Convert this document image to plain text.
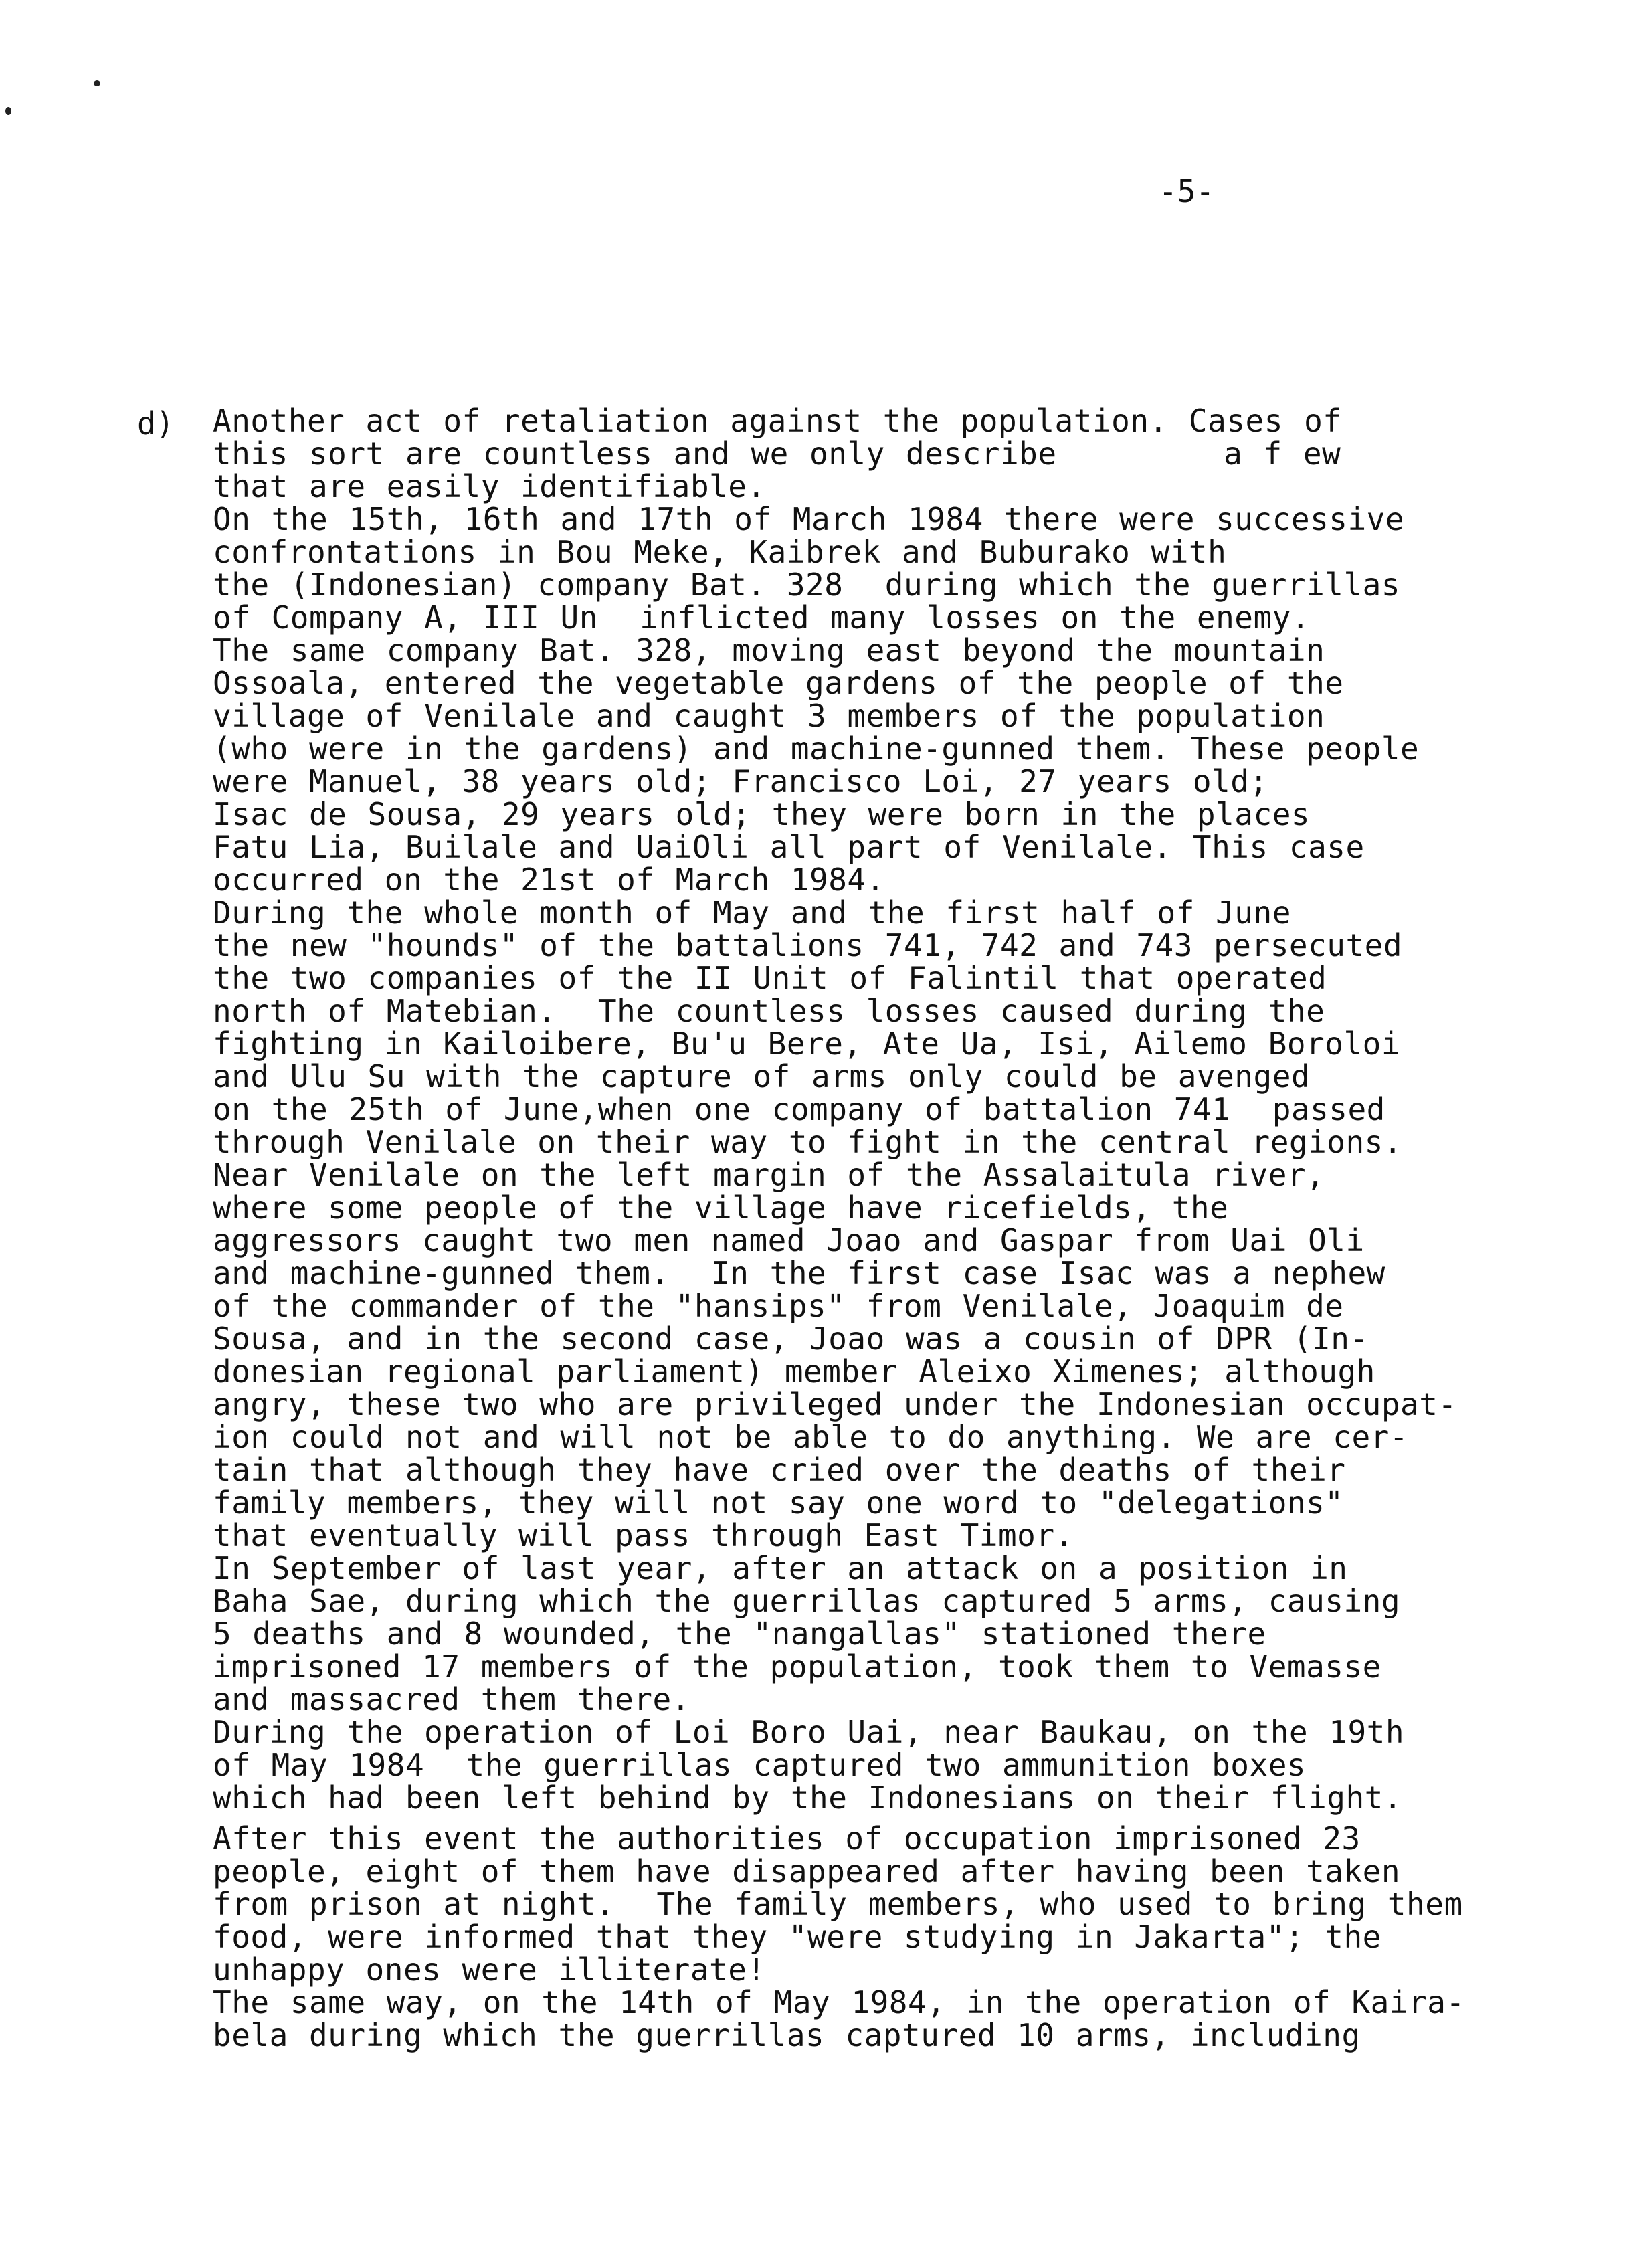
-5-
d) Another act of retaliation against the population. Cases of
this sort are countless and we only describe        a f ew
that are easily identifiable.
On the 15th, 16th and 17th of March 1984 there were successive
confrontations in Bou Meke, Kaibrek and Buburako with
the (Indonesian) company Bat. 328  during which the guerrillas
of Company A, III Un  inflicted many losses on the enemy.
The same company Bat. 328, moving east beyond the mountain
Ossoala, entered the vegetable gardens of the people of the
village of Venilale and caught 3 members of the population
(who were in the gardens) and machine-gunned them. These people
were Manuel, 38 years old; Francisco Loi, 27 years old;
Isac de Sousa, 29 years old; they were born in the places
Fatu Lia, Builale and UaiOli all part of Venilale. This case
occurred on the 21st of March 1984.
During the whole month of May and the first half of June
the new "hounds" of the battalions 741, 742 and 743 persecuted
the two companies of the II Unit of Falintil that operated
north of Matebian.  The countless losses caused during the
fighting in Kailoibere, Bu'u Bere, Ate Ua, Isi, Ailemo Boroloi
and Ulu Su with the capture of arms only could be avenged
on the 25th of June,when one company of battalion 741  passed
through Venilale on their way to fight in the central regions.
Near Venilale on the left margin of the Assalaitula river,
where some people of the village have ricefields, the
aggressors caught two men named Joao and Gaspar from Uai Oli
and machine-gunned them.  In the first case Isac was a nephew
of the commander of the "hansips" from Venilale, Joaquim de
Sousa, and in the second case, Joao was a cousin of DPR (In-
donesian regional parliament) member Aleixo Ximenes; although
angry, these two who are privileged under the Indonesian occupat-
ion could not and will not be able to do anything. We are cer-
tain that although they have cried over the deaths of their
family members, they will not say one word to "delegations"
that eventually will pass through East Timor.
In September of last year, after an attack on a position in
Baha Sae, during which the guerrillas captured 5 arms, causing
5 deaths and 8 wounded, the "nangallas" stationed there
imprisoned 17 members of the population, took them to Vemasse
and massacred them there.
During the operation of Loi Boro Uai, near Baukau, on the 19th
of May 1984  the guerrillas captured two ammunition boxes
which had been left behind by the Indonesians on their flight.
After this event the authorities of occupation imprisoned 23
people, eight of them have disappeared after having been taken
from prison at night.  The family members, who used to bring them
food, were informed that they "were studying in Jakarta"; the
unhappy ones were illiterate!
The same way, on the 14th of May 1984, in the operation of Kaira-
bela during which the guerrillas captured 10 arms, including
